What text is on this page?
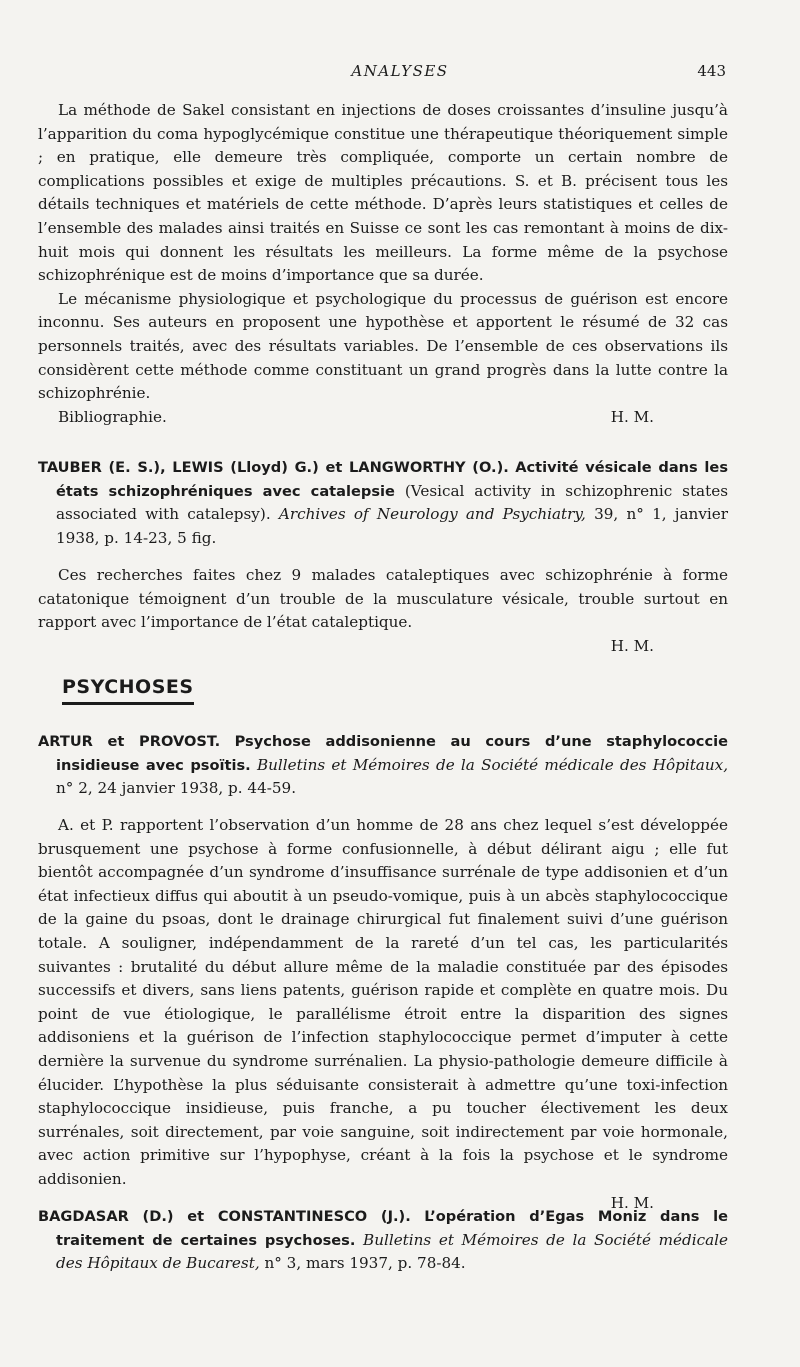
ANALYSES	443

La méthode de Sakel consistant en injections de doses croissantes d’insuline jusqu’à l’apparition du coma hypoglycémique constitue une thérapeutique théoriquement simple ; en pratique, elle demeure très compliquée, comporte un certain nombre de complications possibles et exige de multiples précautions. S. et B. précisent tous les détails techniques et matériels de cette méthode. D’après leurs statistiques et celles de l’ensemble des malades ainsi traités en Suisse ce sont les cas remontant à moins de dix-huit mois qui donnent les résultats les meilleurs. La forme même de la psychose schizophrénique est de moins d’importance que sa durée.

Le mécanisme physiologique et psychologique du processus de guérison est encore inconnu. Ses auteurs en proposent une hypothèse et apportent le résumé de 32 cas personnels traités, avec des résultats variables. De l’ensemble de ces observations ils considèrent cette méthode comme constituant un grand progrès dans la lutte contre la schizophrénie.

Bibliographie.	H. M.
TAUBER (E. S.), LEWIS (Lloyd) G.) et LANGWORTHY (O.). Activité vésicale dans les états schizophréniques avec catalepsie (Vesical activity in schizophrenic states associated with catalepsy). Archives of Neurology and Psychiatry, 39, n° 1, janvier 1938, p. 14-23, 5 fig.

Ces recherches faites chez 9 malades cataleptiques avec schizophrénie à forme catatonique témoignent d’un trouble de la musculature vésicale, trouble surtout en rapport avec l’importance de l’état cataleptique.

H. M.
PSYCHOSES
ARTUR et PROVOST. Psychose addisonienne au cours d’une staphylococcie insidieuse avec psoïtis. Bulletins et Mémoires de la Société médicale des Hôpitaux, n° 2, 24 janvier 1938, p. 44-59.

A. et P. rapportent l’observation d’un homme de 28 ans chez lequel s’est développée brusquement une psychose à forme confusionnelle, à début délirant aigu ; elle fut bientôt accompagnée d’un syndrome d’insuffisance surrénale de type addisonien et d’un état infectieux diffus qui aboutit à un pseudo-vomique, puis à un abcès staphylococcique de la gaine du psoas, dont le drainage chirurgical fut finalement suivi d’une guérison totale. A souligner, indépendamment de la rareté d’un tel cas, les particularités suivantes : brutalité du début allure même de la maladie constituée par des épisodes successifs et divers, sans liens patents, guérison rapide et complète en quatre mois. Du point de vue étiologique, le parallélisme étroit entre la disparition des signes addisoniens et la guérison de l’infection staphylococcique permet d’imputer à cette dernière la survenue du syndrome surrénalien. La physio-pathologie demeure difficile à élucider. L’hypothèse la plus séduisante consisterait à admettre qu’une toxi-infection staphylococcique insidieuse, puis franche, a pu toucher électivement les deux surrénales, soit directement, par voie sanguine, soit indirectement par voie hormonale, avec action primitive sur l’hypophyse, créant à la fois la psychose et le syndrome addisonien.

H. M.
BAGDASAR (D.) et CONSTANTINESCO (J.). L’opération d’Egas Moniz dans le traitement de certaines psychoses. Bulletins et Mémoires de la Société médicale des Hôpitaux de Bucarest, n° 3, mars 1937, p. 78-84.
